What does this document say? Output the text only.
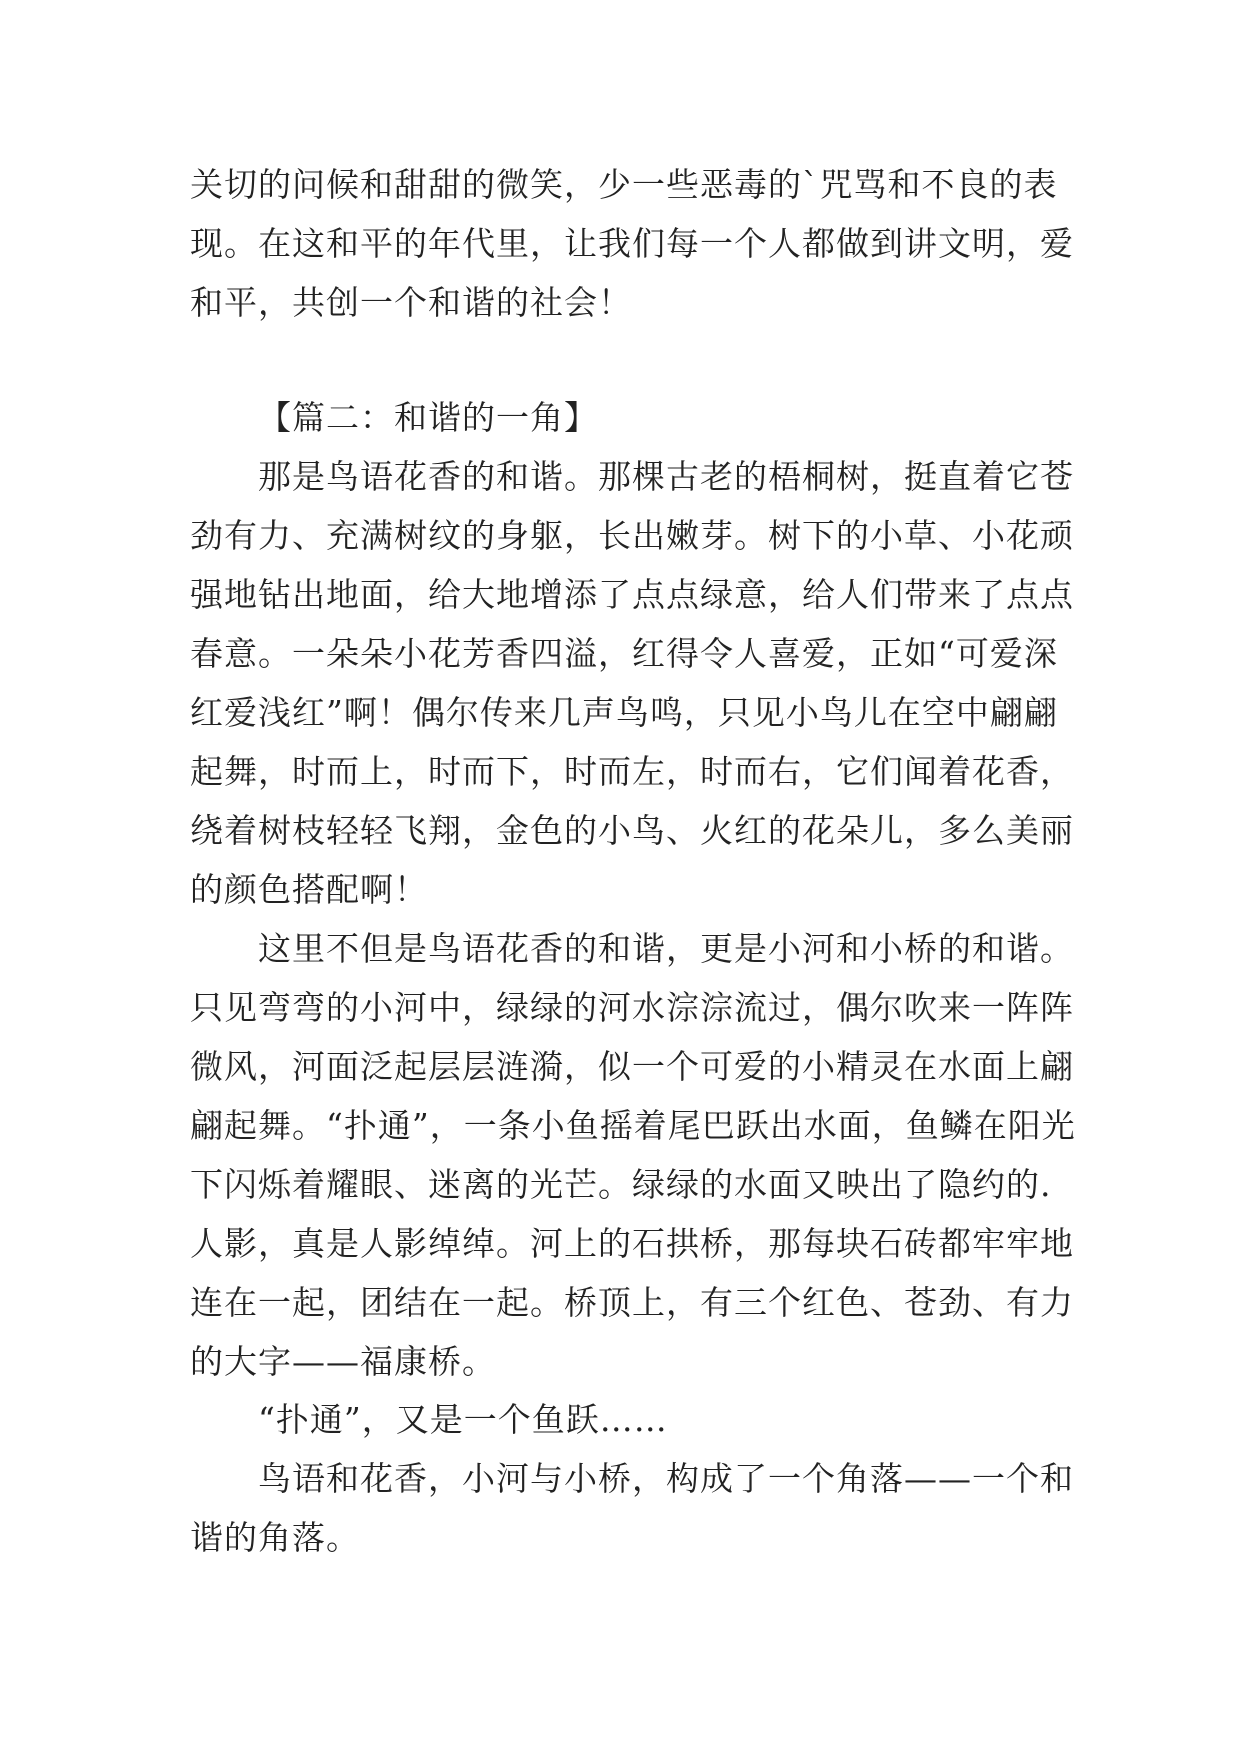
关切的问候和甜甜的微笑，少一些恶毒的`咒骂和不良的表

现。在这和平的年代里，让我们每一个人都做到讲文明，爱

和平，共创一个和谐的社会！

【篇二：和谐的一角】

那是鸟语花香的和谐。那棵古老的梧桐树，挺直着它苍

劲有力、充满树纹的身躯，长出嫩芽。树下的小草、小花顽

强地钻出地面，给大地增添了点点绿意，给人们带来了点点

春意。一朵朵小花芳香四溢，红得令人喜爱，正如“可爱深

红爱浅红”啊！偶尔传来几声鸟鸣，只见小鸟儿在空中翩翩

起舞，时而上，时而下，时而左，时而右，它们闻着花香，

绕着树枝轻轻飞翔，金色的小鸟、火红的花朵儿，多么美丽

的颜色搭配啊！

这里不但是鸟语花香的和谐，更是小河和小桥的和谐。

只见弯弯的小河中，绿绿的河水淙淙流过，偶尔吹来一阵阵

微风，河面泛起层层涟漪，似一个可爱的小精灵在水面上翩

翩起舞。“扑通”，一条小鱼摇着尾巴跃出水面，鱼鳞在阳光

下闪烁着耀眼、迷离的光芒。绿绿的水面又映出了隐约的.

人影，真是人影绰绰。河上的石拱桥，那每块石砖都牢牢地

连在一起，团结在一起。桥顶上，有三个红色、苍劲、有力

的大字——福康桥。

“扑通”，又是一个鱼跃……

鸟语和花香，小河与小桥，构成了一个角落——一个和

谐的角落。
